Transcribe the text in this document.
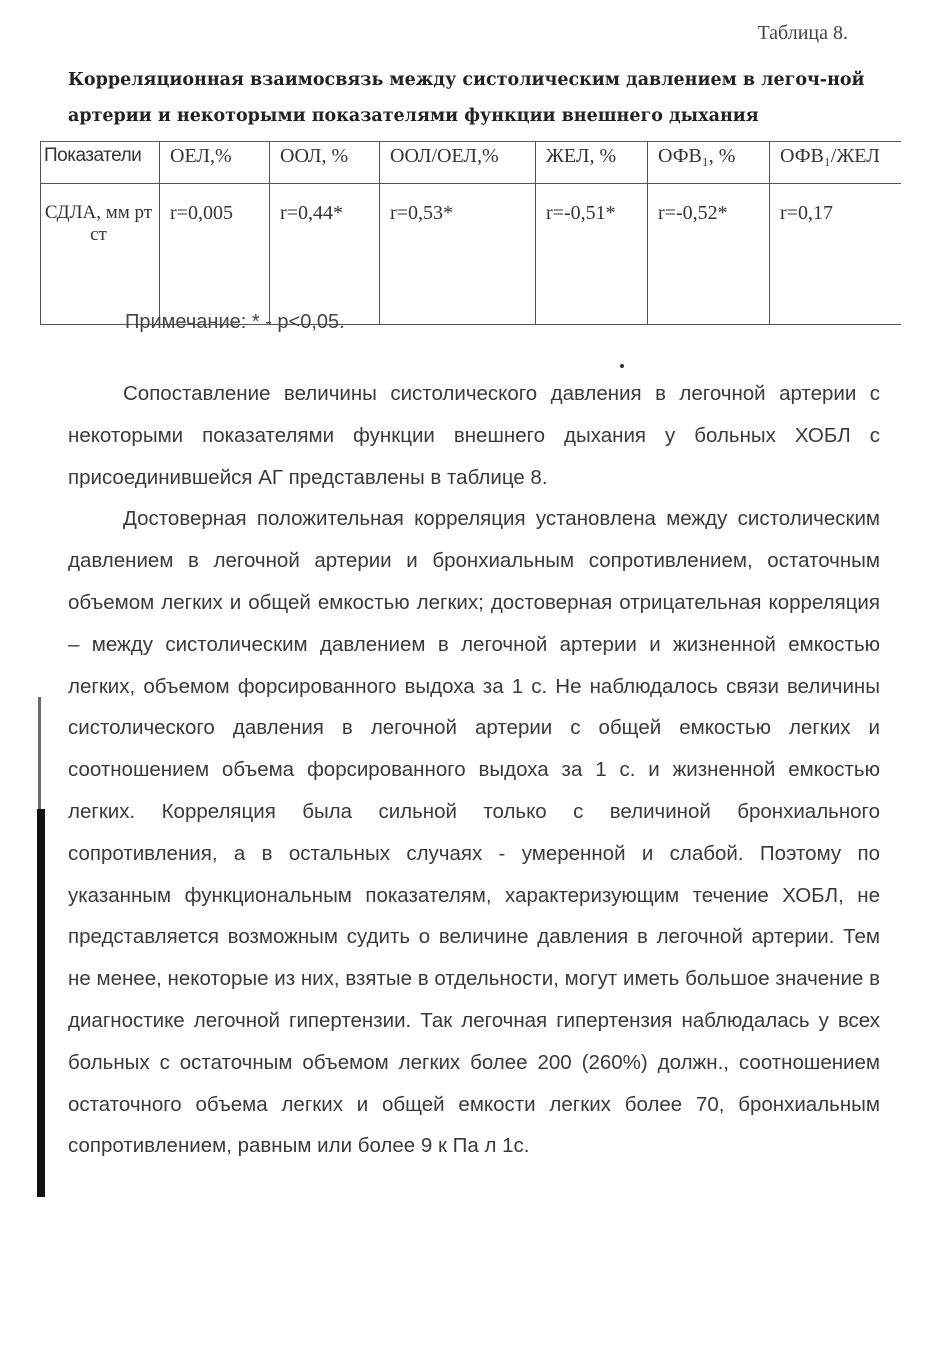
Таблица 8.
Корреляционная взаимосвязь между систолическим давлением в легоч-ной артерии и некоторыми показателями функции внешнего дыхания
Показатели	ОЕЛ,%	ООЛ, %	ООЛ/ОЕЛ,%	ЖЕЛ, %	ОФВ₁, %	ОФВ₁/ЖЕЛ
СДЛА, мм рт ст	r=0,005	r=0,44*	r=0,53*	r=-0,51*	r=-0,52*	r=0,17
Примечание: * - р<0,05.

Сопоставление величины систолического давления в легочной артерии с некоторыми показателями функции внешнего дыхания у больных ХОБЛ с присоединившейся АГ представлены в таблице 8.

Достоверная положительная корреляция установлена между систолическим давлением в легочной артерии и бронхиальным сопротивлением, остаточным объемом легких и общей емкостью легких; достоверная отрицательная корреляция – между систолическим давлением в легочной артерии и жизненной емкостью легких, объемом форсированного выдоха за 1 с. Не наблюдалось связи величины систолического давления в легочной артерии с общей емкостью легких и соотношением объема форсированного выдоха за 1 с. и жизненной емкостью легких. Корреляция была сильной только с величиной бронхиального сопротивления, а в остальных случаях - умеренной и слабой. Поэтому по указанным функциональным показателям, характеризующим течение ХОБЛ, не представляется возможным судить о величине давления в легочной артерии. Тем не менее, некоторые из них, взятые в отдельности, могут иметь большое значение в диагностике легочной гипертензии. Так легочная гипертензия наблюдалась у всех больных с остаточным объемом легких более 200 (260%) должн., соотношением остаточного объема легких и общей емкости легких более 70, бронхиальным сопротивлением, равным или более 9 к Па л 1с.
